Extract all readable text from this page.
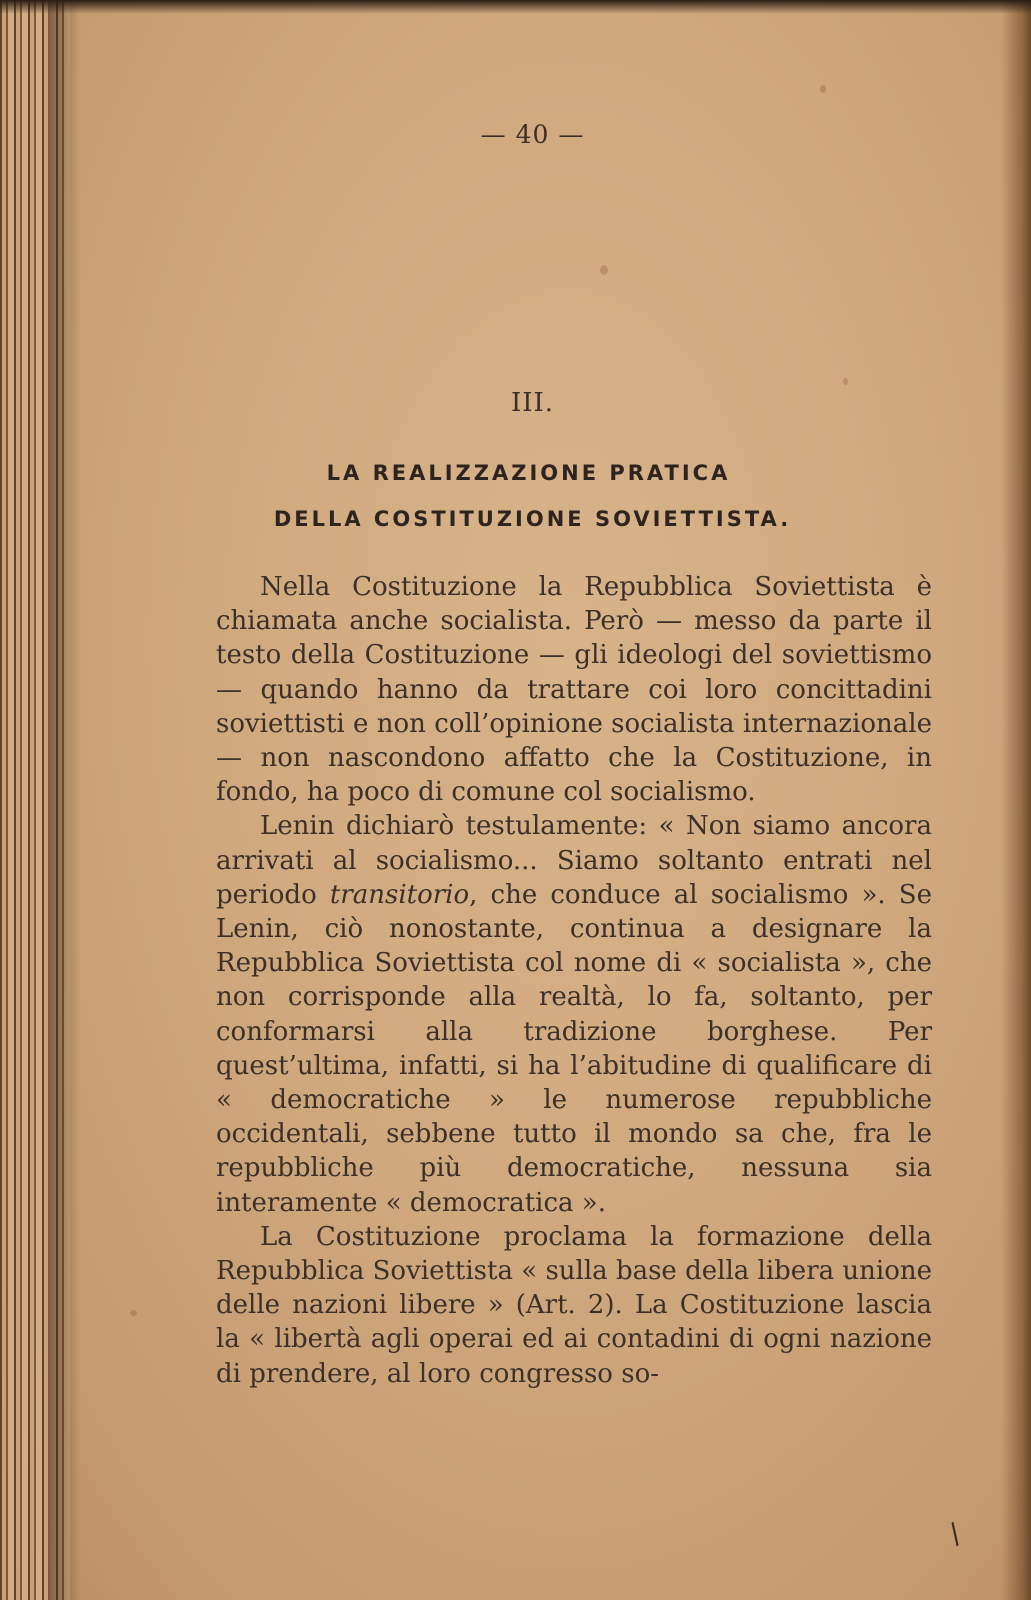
— 40 —
III.
LA REALIZZAZIONE PRATICA
DELLA COSTITUZIONE SOVIETTISTA.

Nella Costituzione la Repubblica Soviettista è chiamata anche socialista. Però — messo da parte il testo della Costituzione — gli ideologi del soviettismo — quando hanno da trattare coi loro concittadini soviettisti e non coll’opinione socialista internazionale — non nascondono affatto che la Costituzione, in fondo, ha poco di comune col socialismo.

Lenin dichiarò testulamente: « Non siamo ancora arrivati al socialismo... Siamo soltanto entrati nel periodo transitorio, che conduce al socialismo ». Se Lenin, ciò nonostante, continua a designare la Repubblica Soviettista col nome di « socialista », che non corrisponde alla realtà, lo fa, soltanto, per conformarsi alla tradizione borghese. Per quest’ultima, infatti, si ha l’abitudine di qualificare di « democratiche » le numerose repubbliche occidentali, sebbene tutto il mondo sa che, fra le repubbliche più democratiche, nessuna sia interamente « democratica ».

La Costituzione proclama la formazione della Repubblica Soviettista « sulla base della libera unione delle nazioni libere » (Art. 2). La Costituzione lascia la « libertà agli operai ed ai contadini di ogni nazione di prendere, al loro congresso so-

/
